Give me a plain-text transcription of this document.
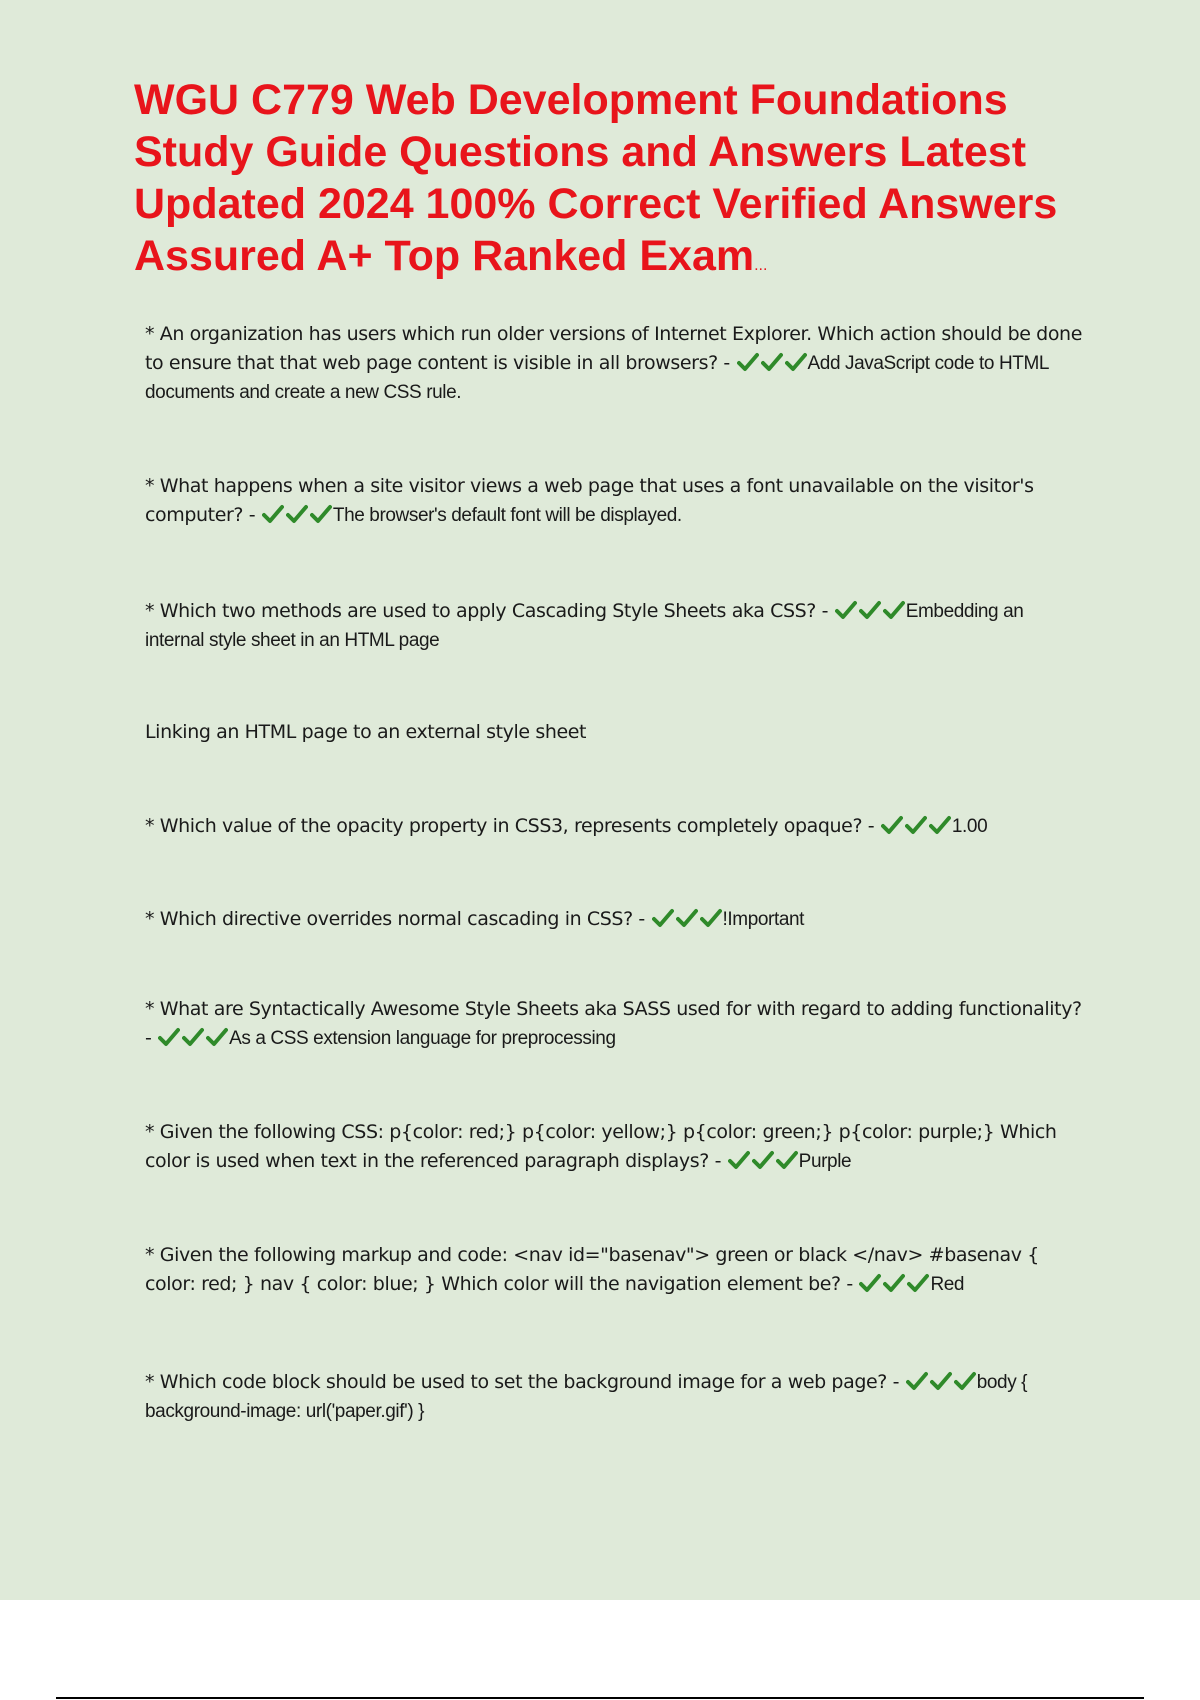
WGU C779 Web Development Foundations Study Guide Questions and Answers Latest Updated 2024 100% Correct Verified Answers Assured A+ Top Ranked Exam...
* An organization has users which run older versions of Internet Explorer. Which action should be done to ensure that that web page content is visible in all browsers? -	Add JavaScript code to HTML documents and create a new CSS rule.
* What happens when a site visitor views a web page that uses a font unavailable on the visitor's computer? -	The browser's default font will be displayed.
* Which two methods are used to apply Cascading Style Sheets aka CSS? -	Embedding an internal style sheet in an HTML page
Linking an HTML page to an external style sheet
* Which value of the opacity property in CSS3, represents completely opaque? -	1.00
* Which directive overrides normal cascading in CSS? -	!Important
* What are Syntactically Awesome Style Sheets aka SASS used for with regard to adding functionality? -	As a CSS extension language for preprocessing
* Given the following CSS: p{color: red;} p{color: yellow;} p{color: green;} p{color: purple;} Which color is used when text in the referenced paragraph displays? -	Purple
* Given the following markup and code: <nav id="basenav"> green or black </nav> #basenav { color: red; } nav { color: blue; } Which color will the navigation element be? -	Red
* Which code block should be used to set the background image for a web page? -	body { background-image: url('paper.gif') }
